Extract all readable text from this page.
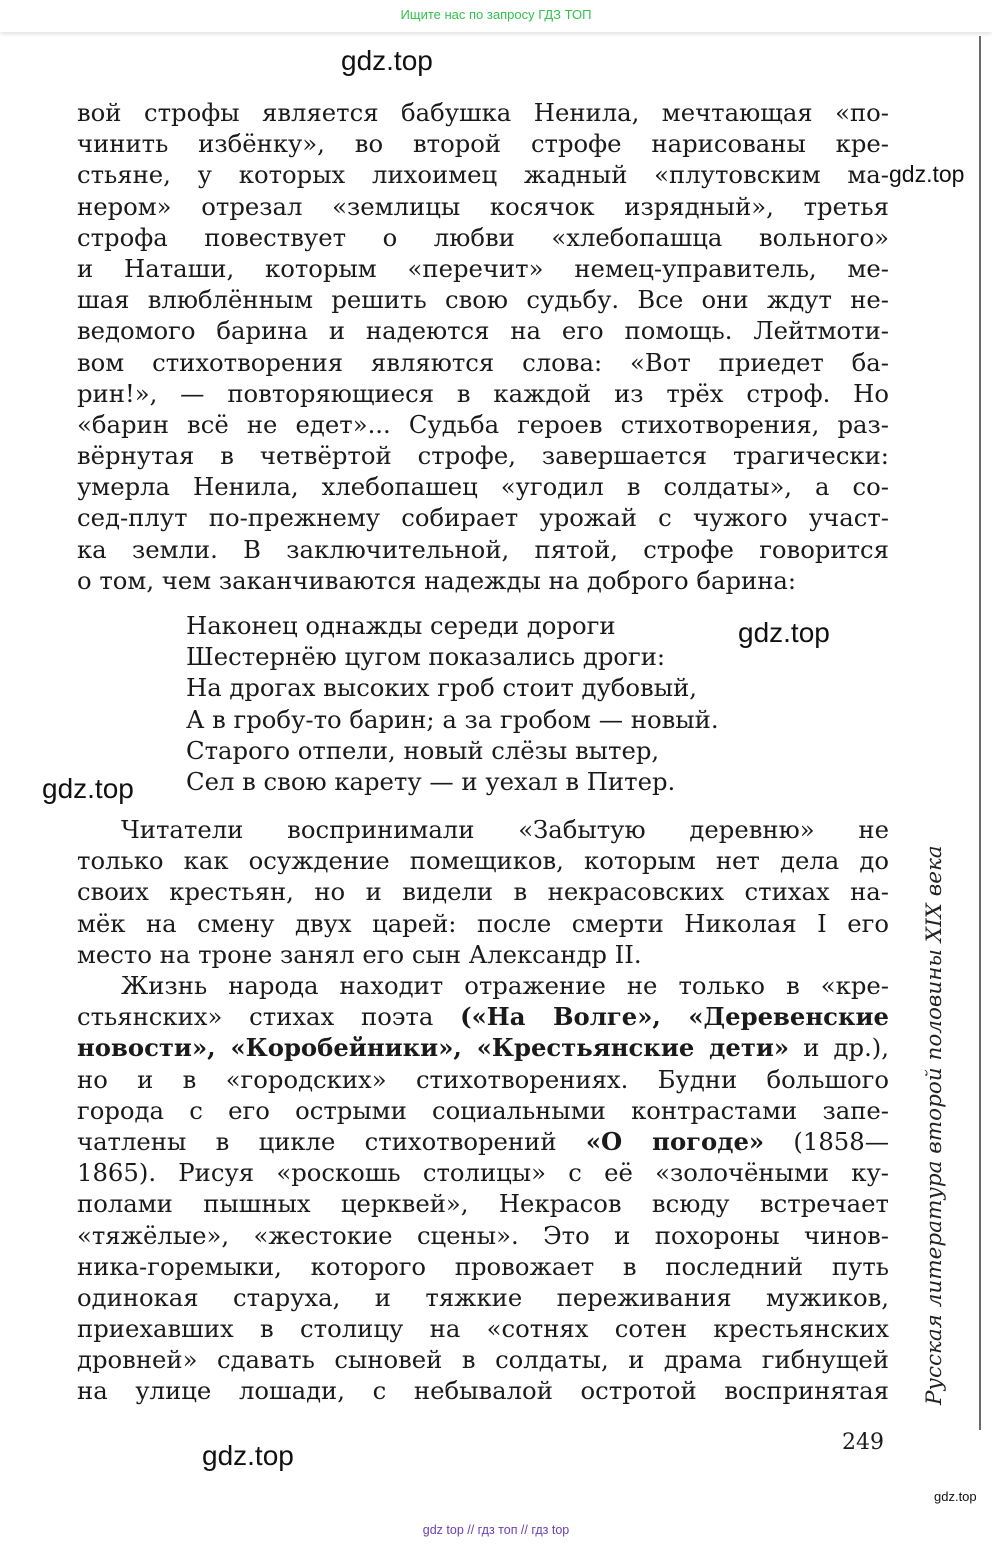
Ищите нас по запросу ГДЗ ТОП
gdz.top
gdz.top
gdz.top
gdz.top
gdz.top
gdz.top
вой строфы является бабушка Ненила, мечтающая «по-
чинить избёнку», во второй строфе нарисованы кре-
стьяне, у которых лихоимец жадный «плутовским ма-
нером» отрезал «землицы косячок изрядный», третья
строфа повествует о любви «хлебопашца вольного»
и Наташи, которым «перечит» немец-управитель, ме-
шая влюблённым решить свою судьбу. Все они ждут не-
ведомого барина и надеются на его помощь. Лейтмоти-
вом стихотворения являются слова: «Вот приедет ба-
рин!», — повторяющиеся в каждой из трёх строф. Но
«барин всё не едет»... Судьба героев стихотворения, раз-
вёрнутая в четвёртой строфе, завершается трагически:
умерла Ненила, хлебопашец «угодил в солдаты», а со-
сед-плут по-прежнему собирает урожай с чужого участ-
ка земли. В заключительной, пятой, строфе говорится
о том, чем заканчиваются надежды на доброго барина:
Наконец однажды середи дороги
Шестернёю цугом показались дроги:
На дрогах высоких гроб стоит дубовый,
А в гробу-то барин; а за гробом — новый.
Старого отпели, новый слёзы вытер,
Сел в свою карету — и уехал в Питер.
Читатели воспринимали «Забытую деревню» не
только как осуждение помещиков, которым нет дела до
своих крестьян, но и видели в некрасовских стихах на-
мёк на смену двух царей: после смерти Николая I его
место на троне занял его сын Александр II.
Жизнь народа находит отражение не только в «кре-
стьянских» стихах поэта («На Волге», «Деревенские
новости», «Коробейники», «Крестьянские дети» и др.),
но и в «городских» стихотворениях. Будни большого
города с его острыми социальными контрастами запе-
чатлены в цикле стихотворений «О погоде» (1858—
1865). Рисуя «роскошь столицы» с её «золочёными ку-
полами пышных церквей», Некрасов всюду встречает
«тяжёлые», «жестокие сцены». Это и похороны чинов-
ника-горемыки, которого провожает в последний путь
одинокая старуха, и тяжкие переживания мужиков,
приехавших в столицу на «сотнях сотен крестьянских
дровней» сдавать сыновей в солдаты, и драма гибнущей
на улице лошади, с небывалой остротой воспринятая Русская литература второй половины XIX века
249
gdz top // гдз топ // гдз top
